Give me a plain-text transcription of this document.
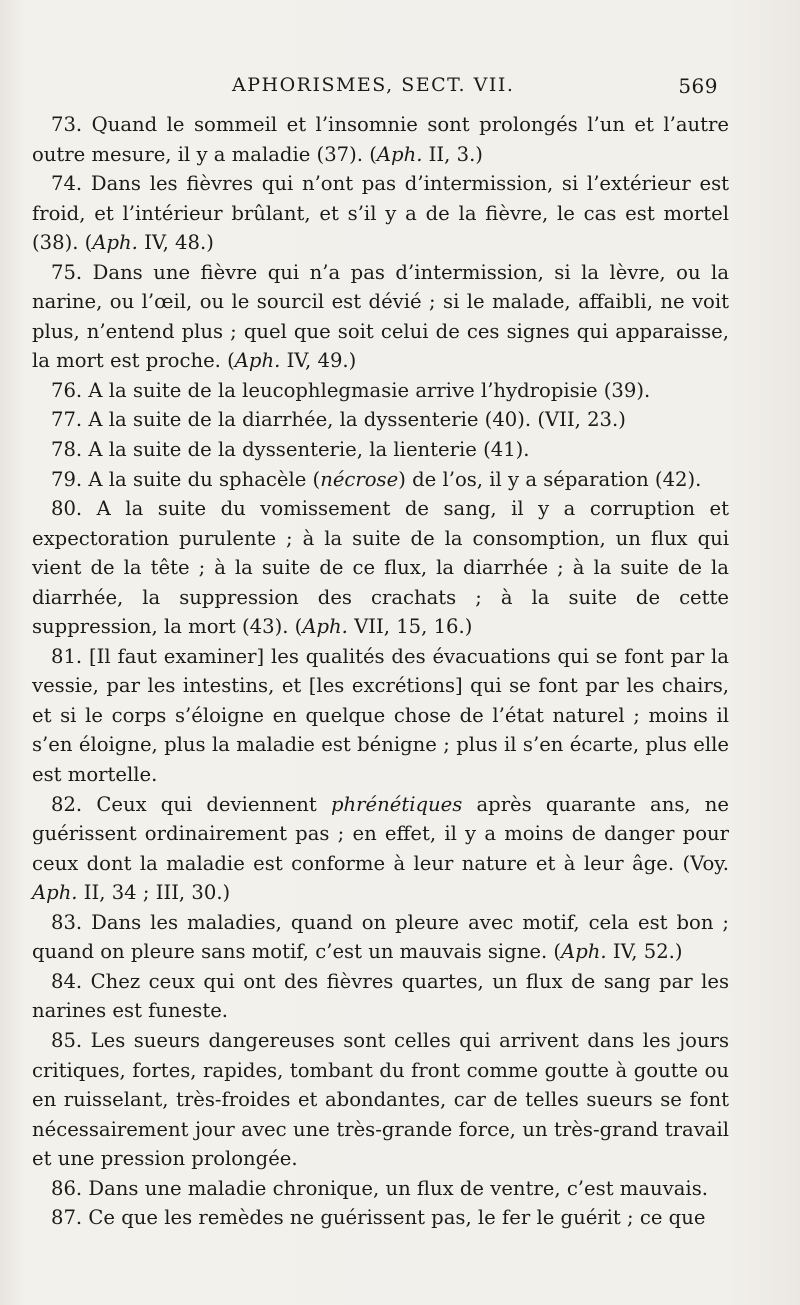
APHORISMES, SECT. VII.	569
73. Quand le sommeil et l’insomnie sont prolongés l’un et l’autre outre mesure, il y a maladie (37). (Aph. II, 3.)
74. Dans les fièvres qui n’ont pas d’intermission, si l’extérieur est froid, et l’intérieur brûlant, et s’il y a de la fièvre, le cas est mortel (38). (Aph. IV, 48.)
75. Dans une fièvre qui n’a pas d’intermission, si la lèvre, ou la narine, ou l’œil, ou le sourcil est dévié ; si le malade, affaibli, ne voit plus, n’entend plus ; quel que soit celui de ces signes qui apparaisse, la mort est proche. (Aph. IV, 49.)
76. A la suite de la leucophlegmasie arrive l’hydropisie (39).
77. A la suite de la diarrhée, la dyssenterie (40). (VII, 23.)
78. A la suite de la dyssenterie, la lienterie (41).
79. A la suite du sphacèle (nécrose) de l’os, il y a séparation (42).
80. A la suite du vomissement de sang, il y a corruption et expectoration purulente ; à la suite de la consomption, un flux qui vient de la tête ; à la suite de ce flux, la diarrhée ; à la suite de la diarrhée, la suppression des crachats ; à la suite de cette suppression, la mort (43). (Aph. VII, 15, 16.)
81. [Il faut examiner] les qualités des évacuations qui se font par la vessie, par les intestins, et [les excrétions] qui se font par les chairs, et si le corps s’éloigne en quelque chose de l’état naturel ; moins il s’en éloigne, plus la maladie est bénigne ; plus il s’en écarte, plus elle est mortelle.
82. Ceux qui deviennent phrénétiques après quarante ans, ne guérissent ordinairement pas ; en effet, il y a moins de danger pour ceux dont la maladie est conforme à leur nature et à leur âge. (Voy. Aph. II, 34 ; III, 30.)
83. Dans les maladies, quand on pleure avec motif, cela est bon ; quand on pleure sans motif, c’est un mauvais signe. (Aph. IV, 52.)
84. Chez ceux qui ont des fièvres quartes, un flux de sang par les narines est funeste.
85. Les sueurs dangereuses sont celles qui arrivent dans les jours critiques, fortes, rapides, tombant du front comme goutte à goutte ou en ruisselant, très-froides et abondantes, car de telles sueurs se font nécessairement jour avec une très-grande force, un très-grand travail et une pression prolongée.
86. Dans une maladie chronique, un flux de ventre, c’est mauvais.
87. Ce que les remèdes ne guérissent pas, le fer le guérit ; ce que
